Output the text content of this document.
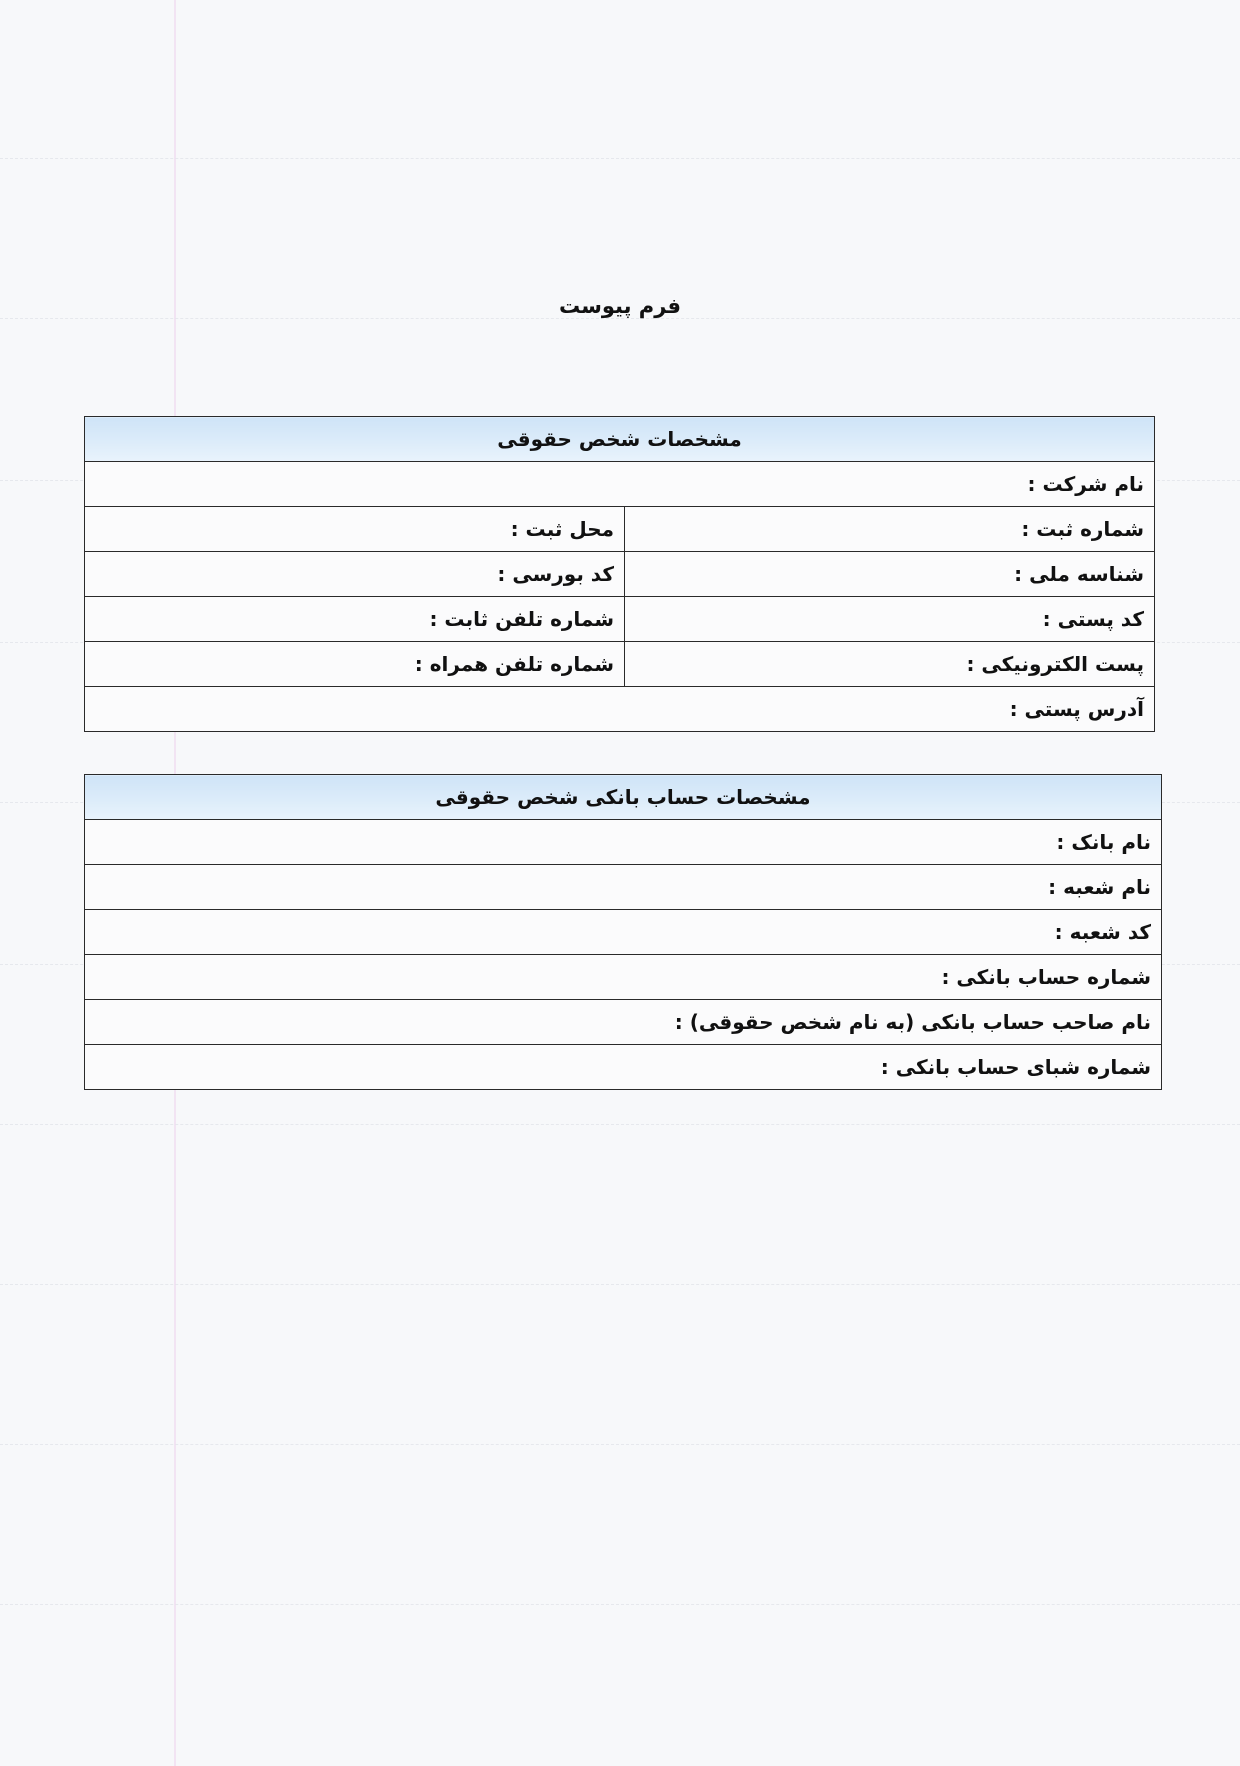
فرم پیوست
مشخصات شخص حقوقی	
نام شرکت :	
شماره ثبت :	محل ثبت :
شناسه ملی :	کد بورسی :
کد پستی :	شماره تلفن ثابت :
پست الکترونیکی :	شماره تلفن همراه :
آدرس پستی :	
مشخصات حساب بانکی شخص حقوقی
نام بانک :
نام شعبه :
کد شعبه :
شماره حساب بانکی :
نام صاحب حساب بانکی (به نام شخص حقوقی) :
شماره شبای حساب بانکی :
